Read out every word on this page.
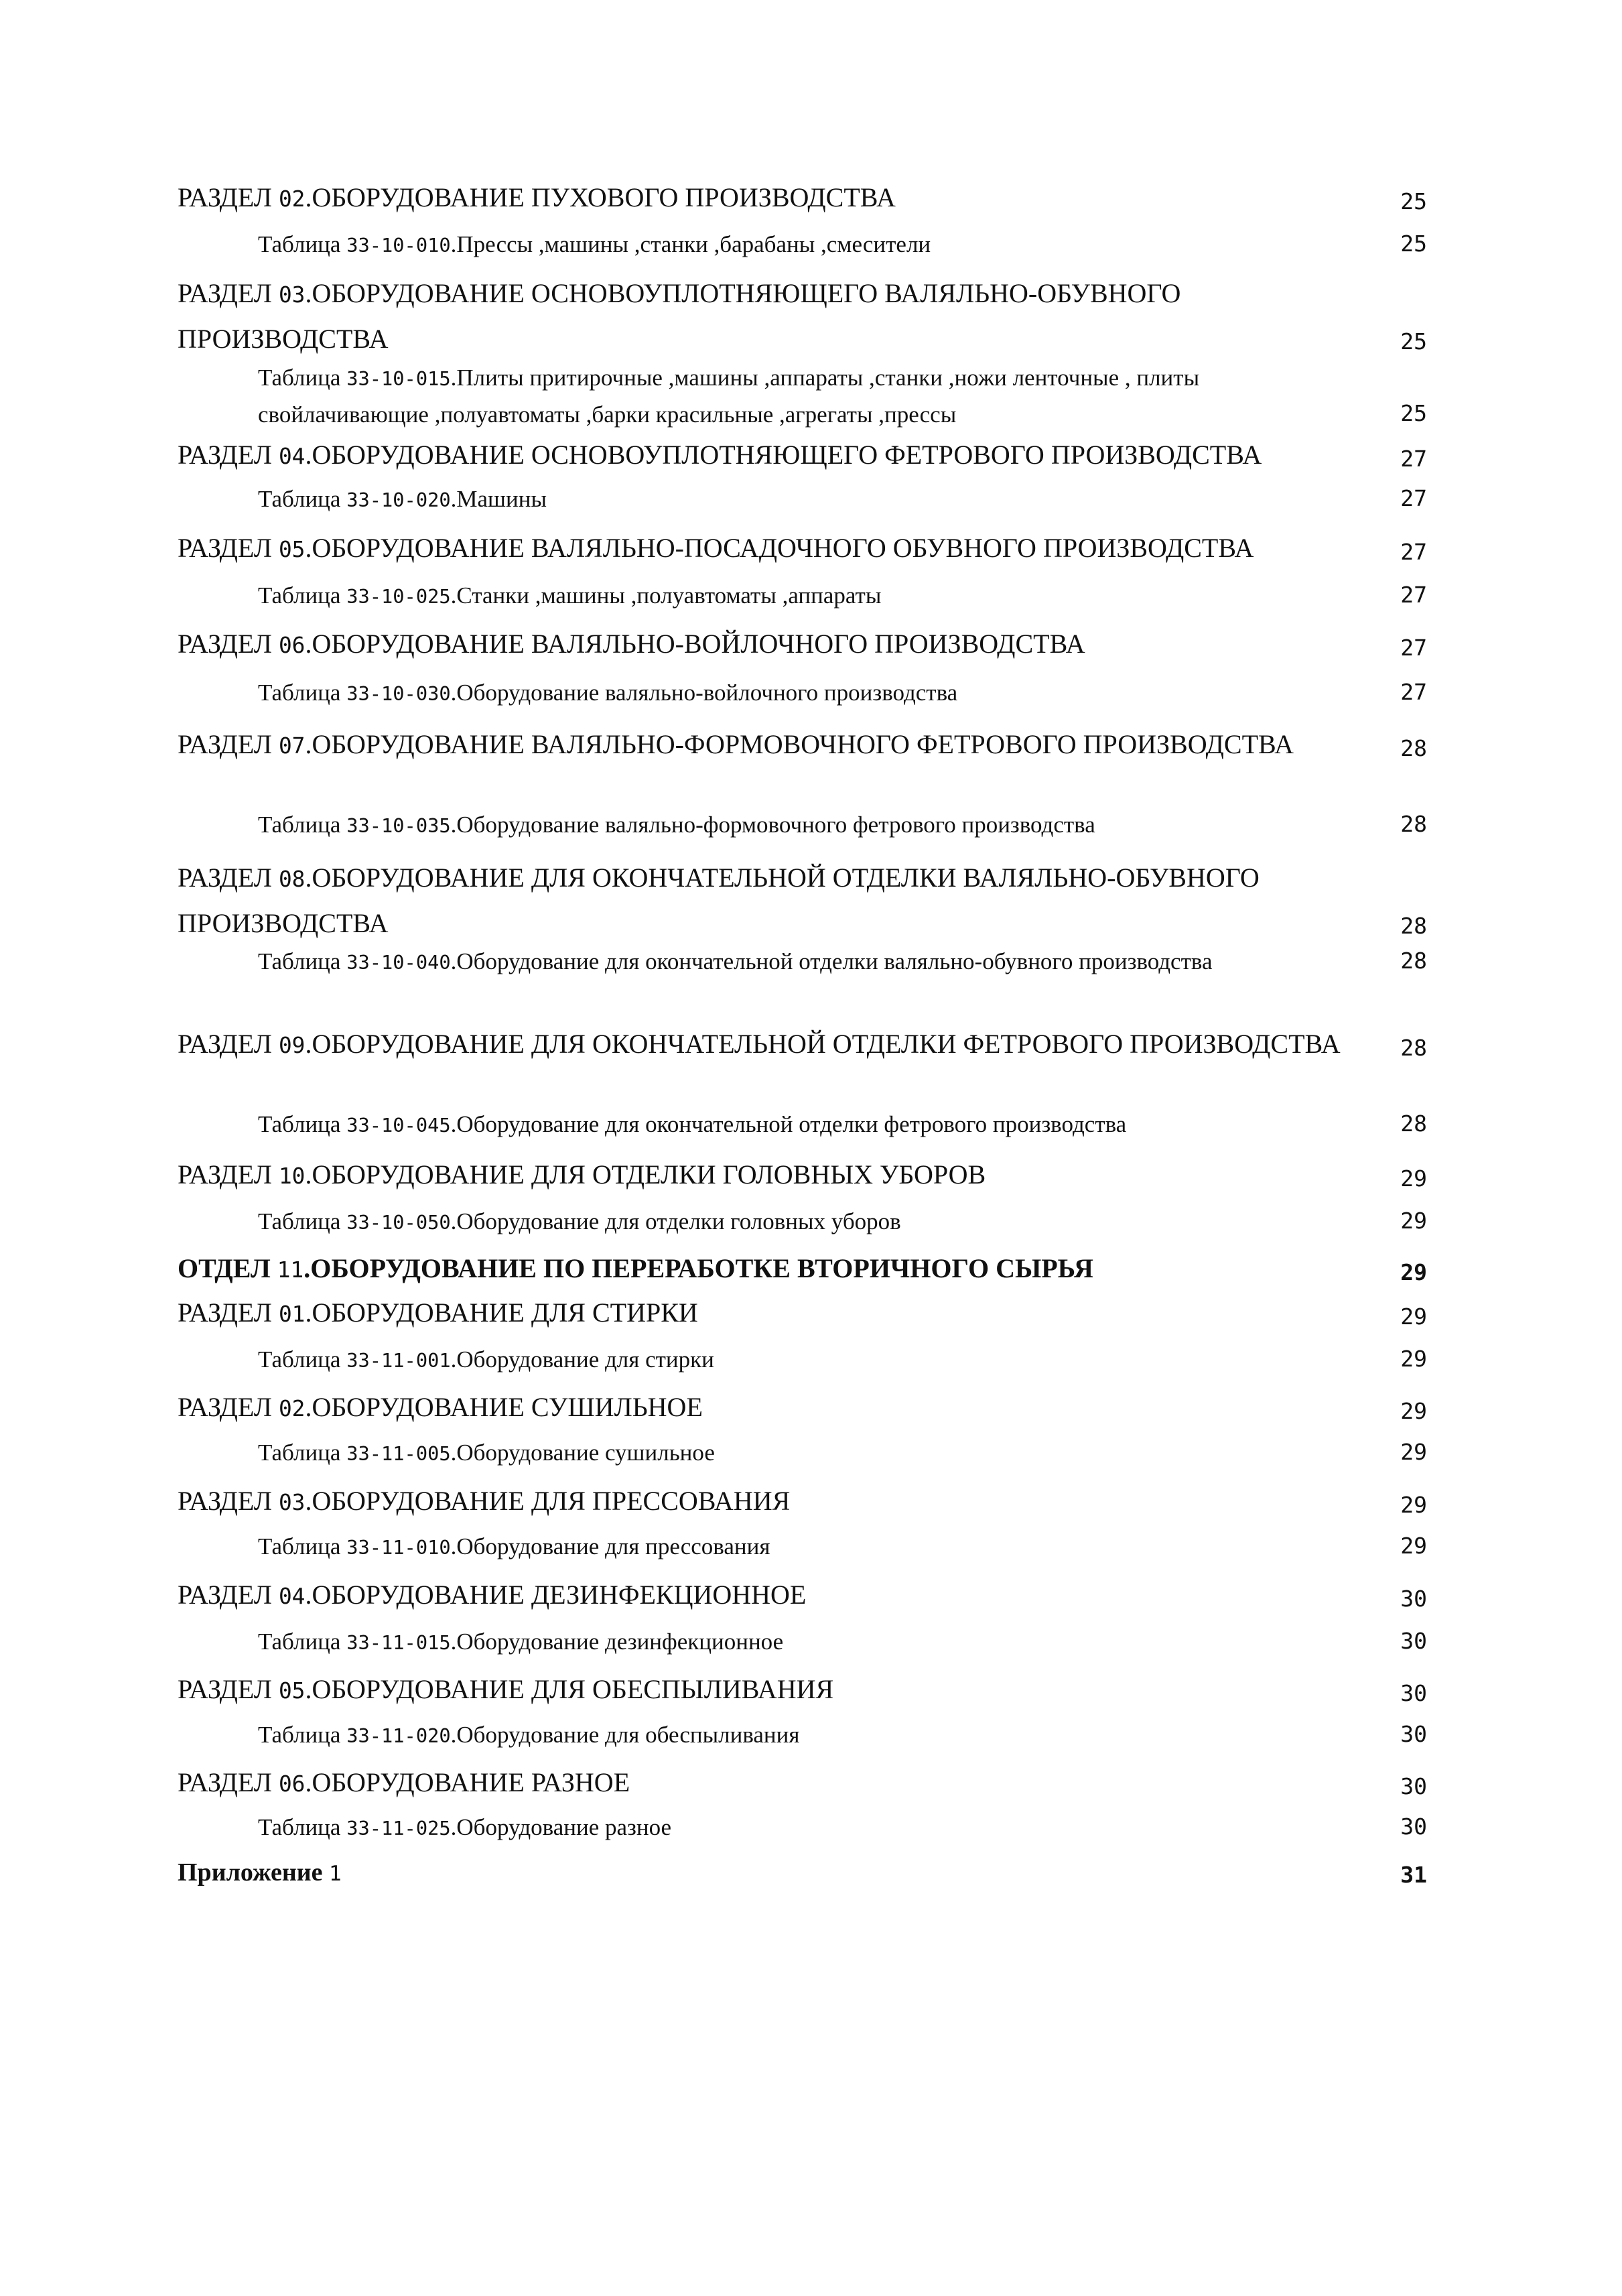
РАЗДЕЛ 02.ОБОРУДОВАНИЕ ПУХОВОГО ПРОИЗВОДСТВА	25
Таблица 33-10-010.Прессы ,машины ,станки ,барабаны ,смесители	25
РАЗДЕЛ 03.ОБОРУДОВАНИЕ ОСНОВОУПЛОТНЯЮЩЕГО ВАЛЯЛЬНО-ОБУВНОГО ПРОИЗВОДСТВА	25
Таблица 33-10-015.Плиты притирочные ,машины ,аппараты ,станки ,ножи ленточные , плиты свойлачивающие ,полуавтоматы ,барки красильные ,агрегаты ,прессы	25
РАЗДЕЛ 04.ОБОРУДОВАНИЕ ОСНОВОУПЛОТНЯЮЩЕГО ФЕТРОВОГО ПРОИЗВОДСТВА	27
Таблица 33-10-020.Машины	27
РАЗДЕЛ 05.ОБОРУДОВАНИЕ ВАЛЯЛЬНО-ПОСАДОЧНОГО ОБУВНОГО ПРОИЗВОДСТВА	27
Таблица 33-10-025.Станки ,машины ,полуавтоматы ,аппараты	27
РАЗДЕЛ 06.ОБОРУДОВАНИЕ ВАЛЯЛЬНО-ВОЙЛОЧНОГО ПРОИЗВОДСТВА	27
Таблица 33-10-030.Оборудование валяльно-войлочного производства	27
РАЗДЕЛ 07.ОБОРУДОВАНИЕ ВАЛЯЛЬНО-ФОРМОВОЧНОГО ФЕТРОВОГО ПРОИЗВОДСТВА	28
Таблица 33-10-035.Оборудование валяльно-формовочного фетрового производства	28
РАЗДЕЛ 08.ОБОРУДОВАНИЕ ДЛЯ ОКОНЧАТЕЛЬНОЙ ОТДЕЛКИ ВАЛЯЛЬНО-ОБУВНОГО ПРОИЗВОДСТВА	28
Таблица 33-10-040.Оборудование для окончательной отделки валяльно-обувного производства	28
РАЗДЕЛ 09.ОБОРУДОВАНИЕ ДЛЯ ОКОНЧАТЕЛЬНОЙ ОТДЕЛКИ ФЕТРОВОГО ПРОИЗВОДСТВА	28
Таблица 33-10-045.Оборудование для окончательной отделки фетрового производства	28
РАЗДЕЛ 10.ОБОРУДОВАНИЕ ДЛЯ ОТДЕЛКИ ГОЛОВНЫХ УБОРОВ	29
Таблица 33-10-050.Оборудование для отделки головных уборов	29
ОТДЕЛ 11.ОБОРУДОВАНИЕ ПО ПЕРЕРАБОТКЕ ВТОРИЧНОГО СЫРЬЯ	29
РАЗДЕЛ 01.ОБОРУДОВАНИЕ ДЛЯ СТИРКИ	29
Таблица 33-11-001.Оборудование для стирки	29
РАЗДЕЛ 02.ОБОРУДОВАНИЕ СУШИЛЬНОЕ	29
Таблица 33-11-005.Оборудование сушильное	29
РАЗДЕЛ 03.ОБОРУДОВАНИЕ ДЛЯ ПРЕССОВАНИЯ	29
Таблица 33-11-010.Оборудование для прессования	29
РАЗДЕЛ 04.ОБОРУДОВАНИЕ ДЕЗИНФЕКЦИОННОЕ	30
Таблица 33-11-015.Оборудование дезинфекционное	30
РАЗДЕЛ 05.ОБОРУДОВАНИЕ ДЛЯ ОБЕСПЫЛИВАНИЯ	30
Таблица 33-11-020.Оборудование для обеспыливания	30
РАЗДЕЛ 06.ОБОРУДОВАНИЕ РАЗНОЕ	30
Таблица 33-11-025.Оборудование разное	30
Приложение 1	31
